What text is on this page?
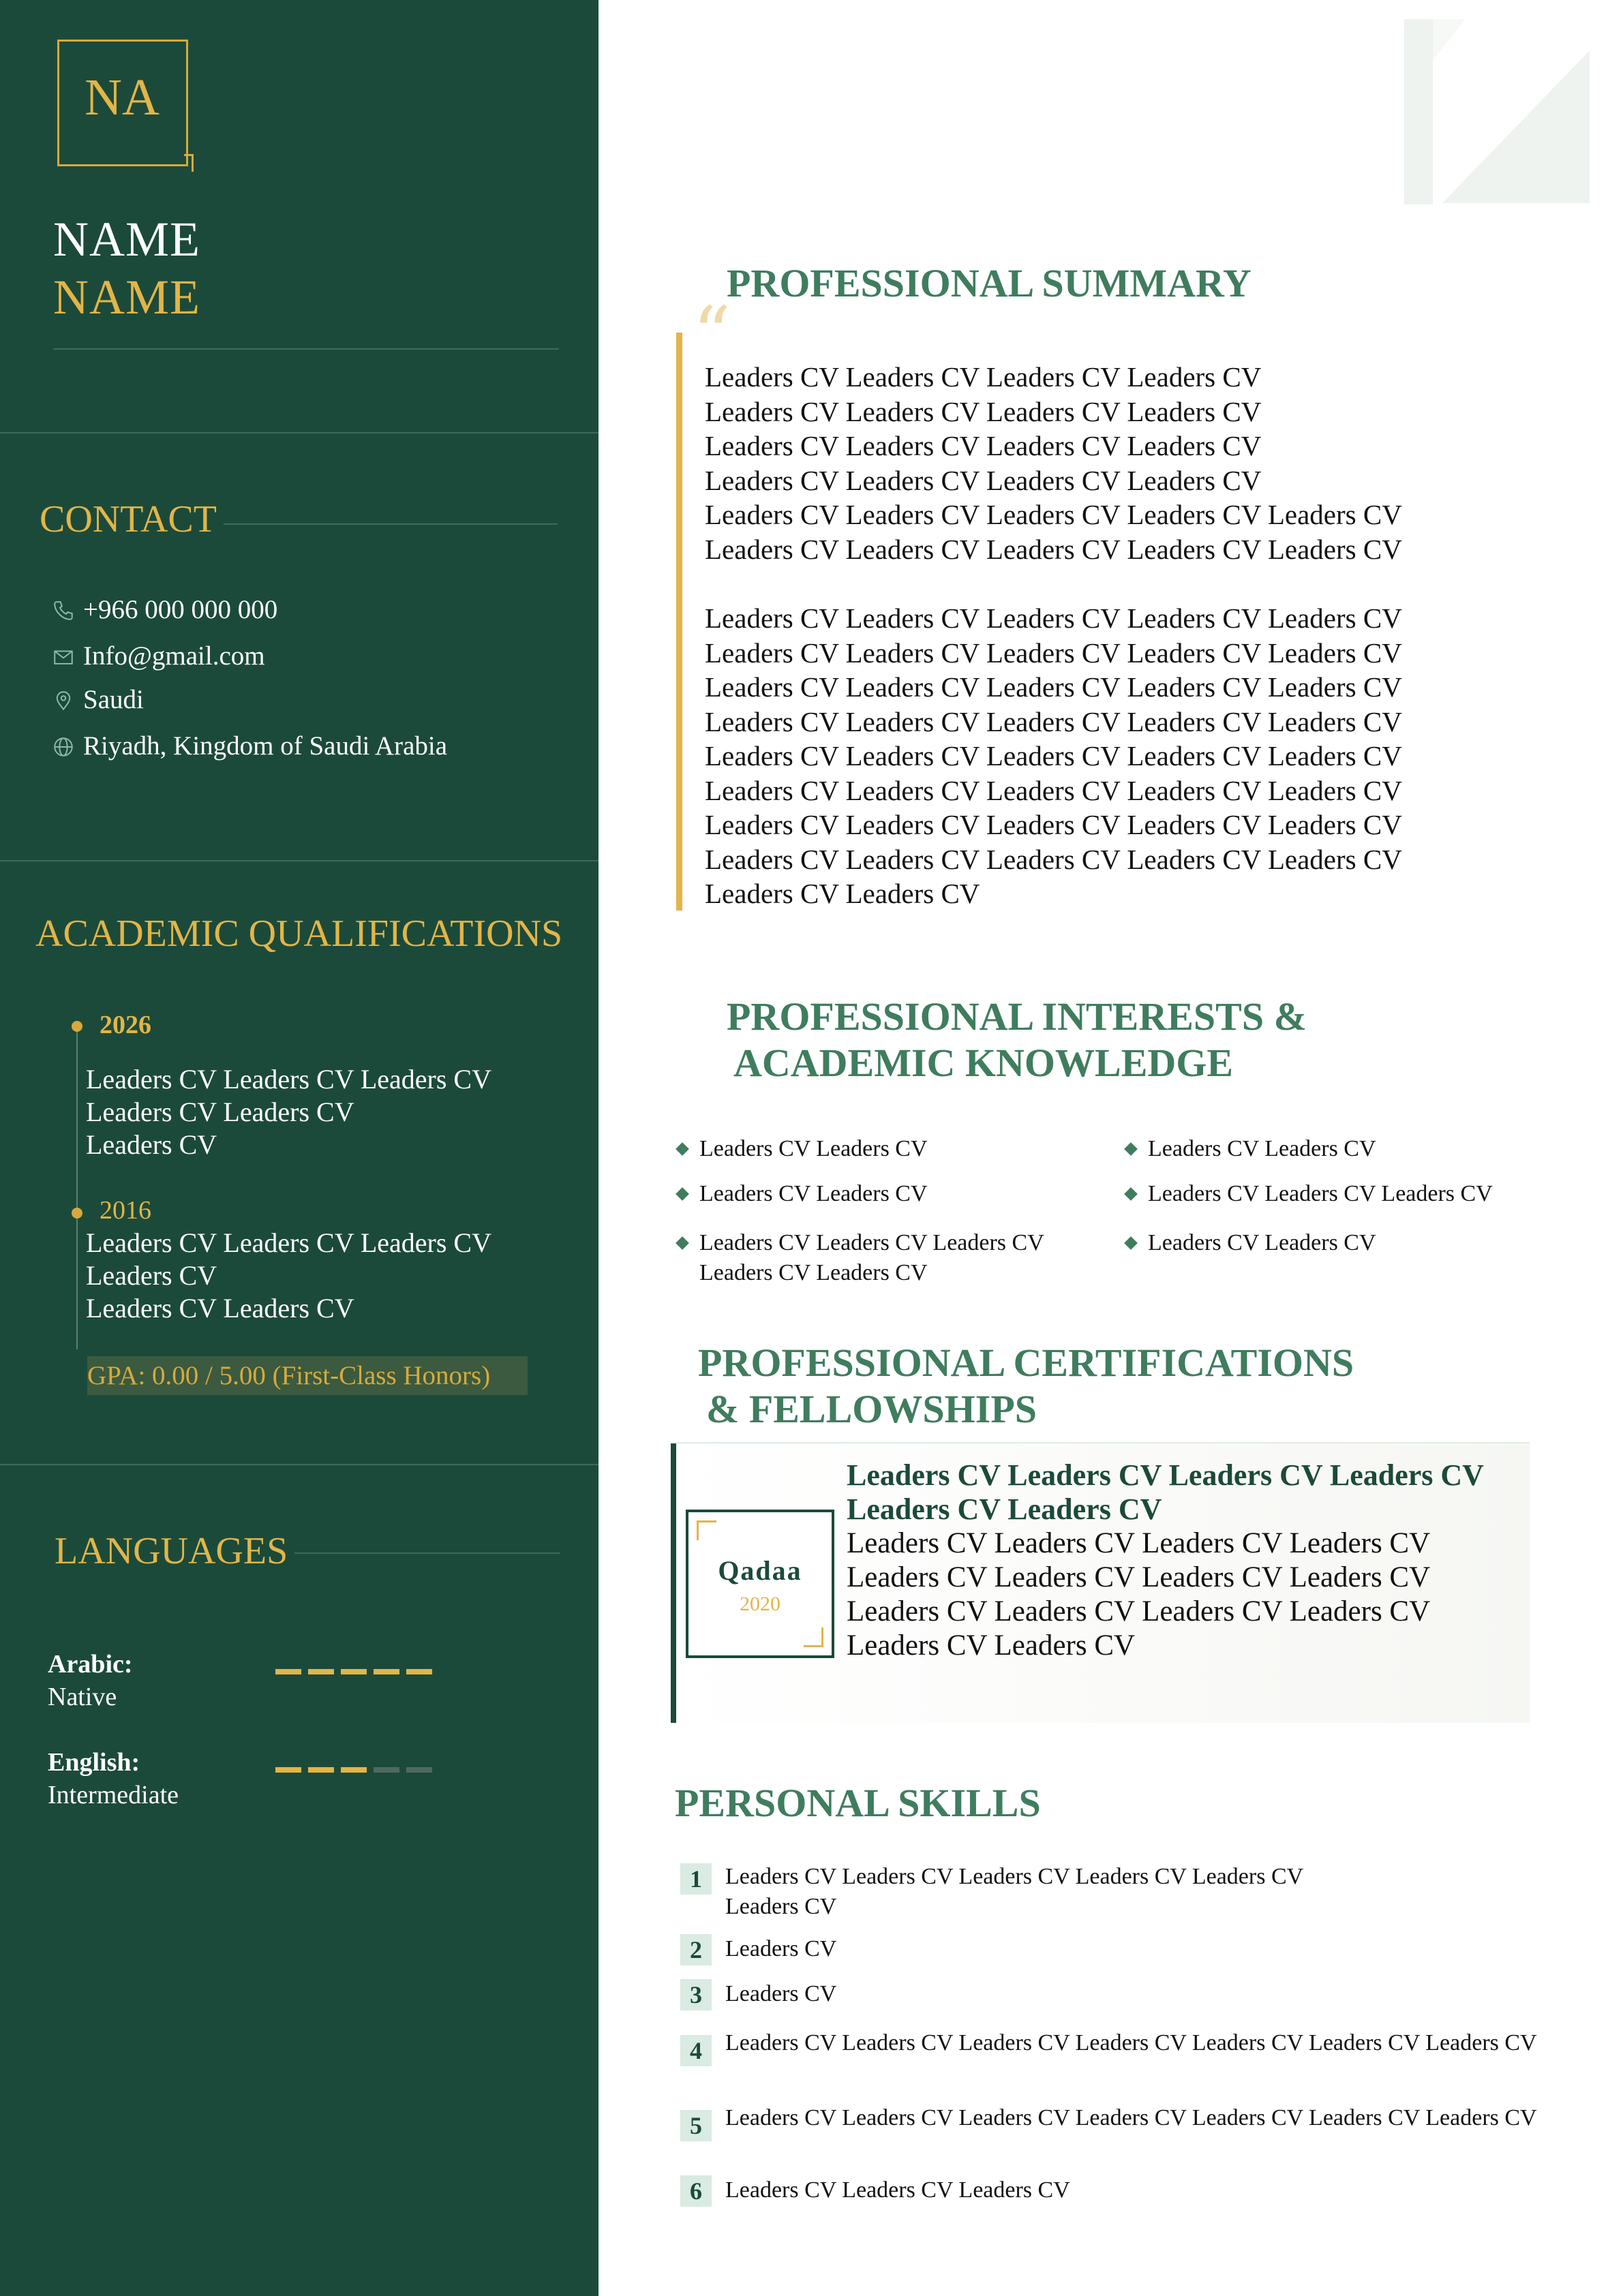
NA
NAME
NAME
CONTACT
+966 000 000 000
Info@gmail.com
Saudi
Riyadh, Kingdom of Saudi Arabia
ACADEMIC QUALIFICATIONS
2026
Leaders CV Leaders CV Leaders CV
Leaders CV Leaders CV
Leaders CV
2016
Leaders CV Leaders CV Leaders CV
Leaders CV
Leaders CV Leaders CV
GPA: 0.00 / 5.00 (First-Class Honors)
LANGUAGES
Arabic:
Native
English:
Intermediate
PROFESSIONAL SUMMARY
“
Leaders CV Leaders CV Leaders CV Leaders CV
Leaders CV Leaders CV Leaders CV Leaders CV
Leaders CV Leaders CV Leaders CV Leaders CV
Leaders CV Leaders CV Leaders CV Leaders CV
Leaders CV Leaders CV Leaders CV Leaders CV Leaders CV
Leaders CV Leaders CV Leaders CV Leaders CV Leaders CV
Leaders CV Leaders CV Leaders CV Leaders CV Leaders CV
Leaders CV Leaders CV Leaders CV Leaders CV Leaders CV
Leaders CV Leaders CV Leaders CV Leaders CV Leaders CV
Leaders CV Leaders CV Leaders CV Leaders CV Leaders CV
Leaders CV Leaders CV Leaders CV Leaders CV Leaders CV
Leaders CV Leaders CV Leaders CV Leaders CV Leaders CV
Leaders CV Leaders CV Leaders CV Leaders CV Leaders CV
Leaders CV Leaders CV Leaders CV Leaders CV Leaders CV
Leaders CV Leaders CV
PROFESSIONAL INTERESTS &
ACADEMIC KNOWLEDGE
Leaders CV Leaders CV
Leaders CV Leaders CV
Leaders CV Leaders CV Leaders CV Leaders CV Leaders CV
Leaders CV Leaders CV
Leaders CV Leaders CV Leaders CV
Leaders CV Leaders CV
PROFESSIONAL CERTIFICATIONS
& FELLOWSHIPS
Qadaa
2020
Leaders CV Leaders CV Leaders CV Leaders CV Leaders CV Leaders CV
Leaders CV Leaders CV Leaders CV Leaders CV Leaders CV Leaders CV Leaders CV Leaders CV Leaders CV Leaders CV Leaders CV Leaders CV Leaders CV Leaders CV
PERSONAL SKILLS
1	Leaders CV Leaders CV Leaders CV Leaders CV Leaders CV Leaders CV
2	Leaders CV
3	Leaders CV
4	Leaders CV Leaders CV Leaders CV Leaders CV Leaders CV Leaders CV Leaders CV
5	Leaders CV Leaders CV Leaders CV Leaders CV Leaders CV Leaders CV Leaders CV
6	Leaders CV Leaders CV Leaders CV
